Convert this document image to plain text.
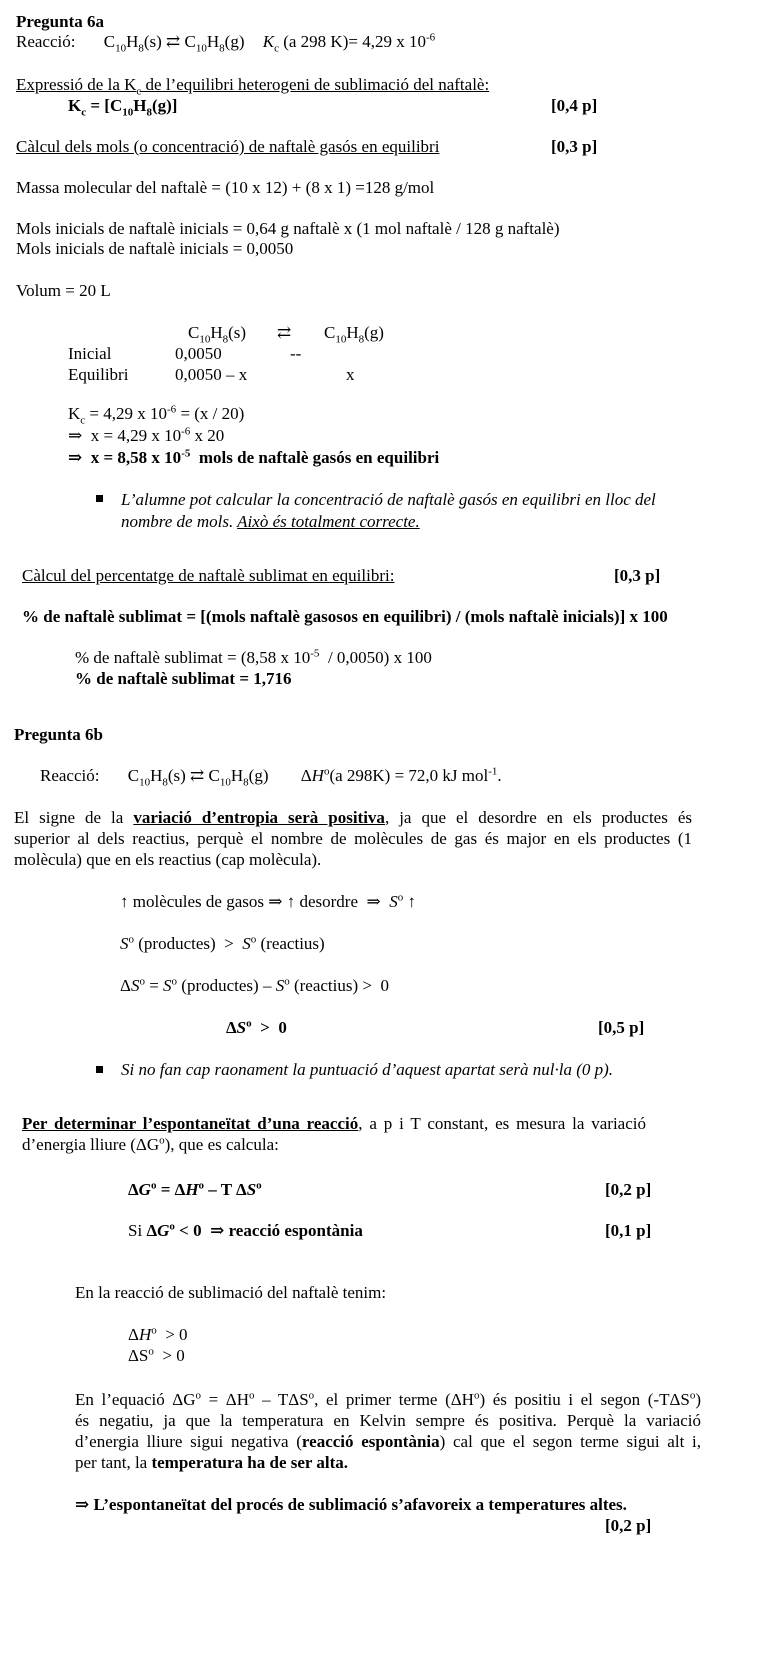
Pregunta 6a
Reacció: $C_{10}H_8(s)$ ⇄ $C_{10}H_8(g)$ $K_c$ (a 298 K)= 4,29 x $10^{-6}$
Expressió de la $K_c$ de l’equilibri heterogeni de sublimació del naftalè:
$K_c = [C_{10}H_8(g)]$	[0,4 p]
Càlcul dels mols (o concentració) de naftalè gasós en equilibri	[0,3 p]
Massa molecular del naftalè = (10 x 12) + (8 x 1) =128 g/mol
Mols inicials de naftalè inicials = 0,64 g naftalè x (1 mol naftalè / 128 g naftalè)
Mols inicials de naftalè inicials = 0,0050
Volum = 20 L
$C_{10}H_8(s)$ ⇄ $C_{10}H_8(g)$
Inicial	0,0050	--
Equilibri	0,0050 – x	x
$K_c = 4,29$ x $10^{-6} = (x / 20)$
⇒  x = 4,29 x $10^{-6}$ x 20
⇒  x = 8,58 x $10^{-5}$  mols de naftalè gasós en equilibri
L’alumne pot calcular la concentració de naftalè gasós en equilibri en lloc del nombre de mols. Això és totalment correcte.
Càlcul del percentatge de naftalè sublimat en equilibri:	[0,3 p]
% de naftalè sublimat = [(mols naftalè gasosos en equilibri) / (mols naftalè inicials)] x 100
% de naftalè sublimat = (8,58 x $10^{-5} / 0,0050$) x 100
% de naftalè sublimat = 1,716
Pregunta 6b
Reacció: $C_{10}H_8(s)$ ⇄ $C_{10}H_8(g)$ $\Delta H^o(a$ 298K) = 72,0 kJ mol$^{-1}$.
El signe de la variació d’entropia serà positiva, ja que el desordre en els productes és
superior al dels reactius, perquè el nombre de molècules de gas és major en els productes (1
molècula) que en els reactius (cap molècula).
↑ molècules de gasos ⇒ ↑ desordre  ⇒  $S^o$ ↑
$S^o$ (productes)  >  $S^o$ (reactius)
$\Delta S^o = S^o$ (productes) – $S^o$ (reactius) >  0
$\Delta S^o > 0$	[0,5 p]
Si no fan cap raonament la puntuació d’aquest apartat serà nul·la (0 p).
Per determinar l’espontaneïtat d’una reacció, a p i T constant, es mesura la variació
d’energia lliure $(\Delta G^o)$, que es calcula:
$\Delta G^o = \Delta H^o - T$ $\Delta S^o$	[0,2 p]
Si $\Delta G^o < 0$ ⇒ reacció espontània	[0,1 p]
En la reacció de sublimació del naftalè tenim:
$\Delta H^o > 0$
$\Delta S^o > 0$
En l’equació $\Delta G^o = \Delta H^o - T\Delta S^o$, el primer terme $(\Delta H^o)$ és positiu i el segon (-TΔS$^o$)
és negatiu, ja que la temperatura en Kelvin sempre és positiva. Perquè la variació
d’energia lliure sigui negativa (reacció espontània) cal que el segon terme sigui alt i,
per tant, la temperatura ha de ser alta.
⇒ L’espontaneïtat del procés de sublimació s’afavoreix a temperatures altes.
[0,2 p]
